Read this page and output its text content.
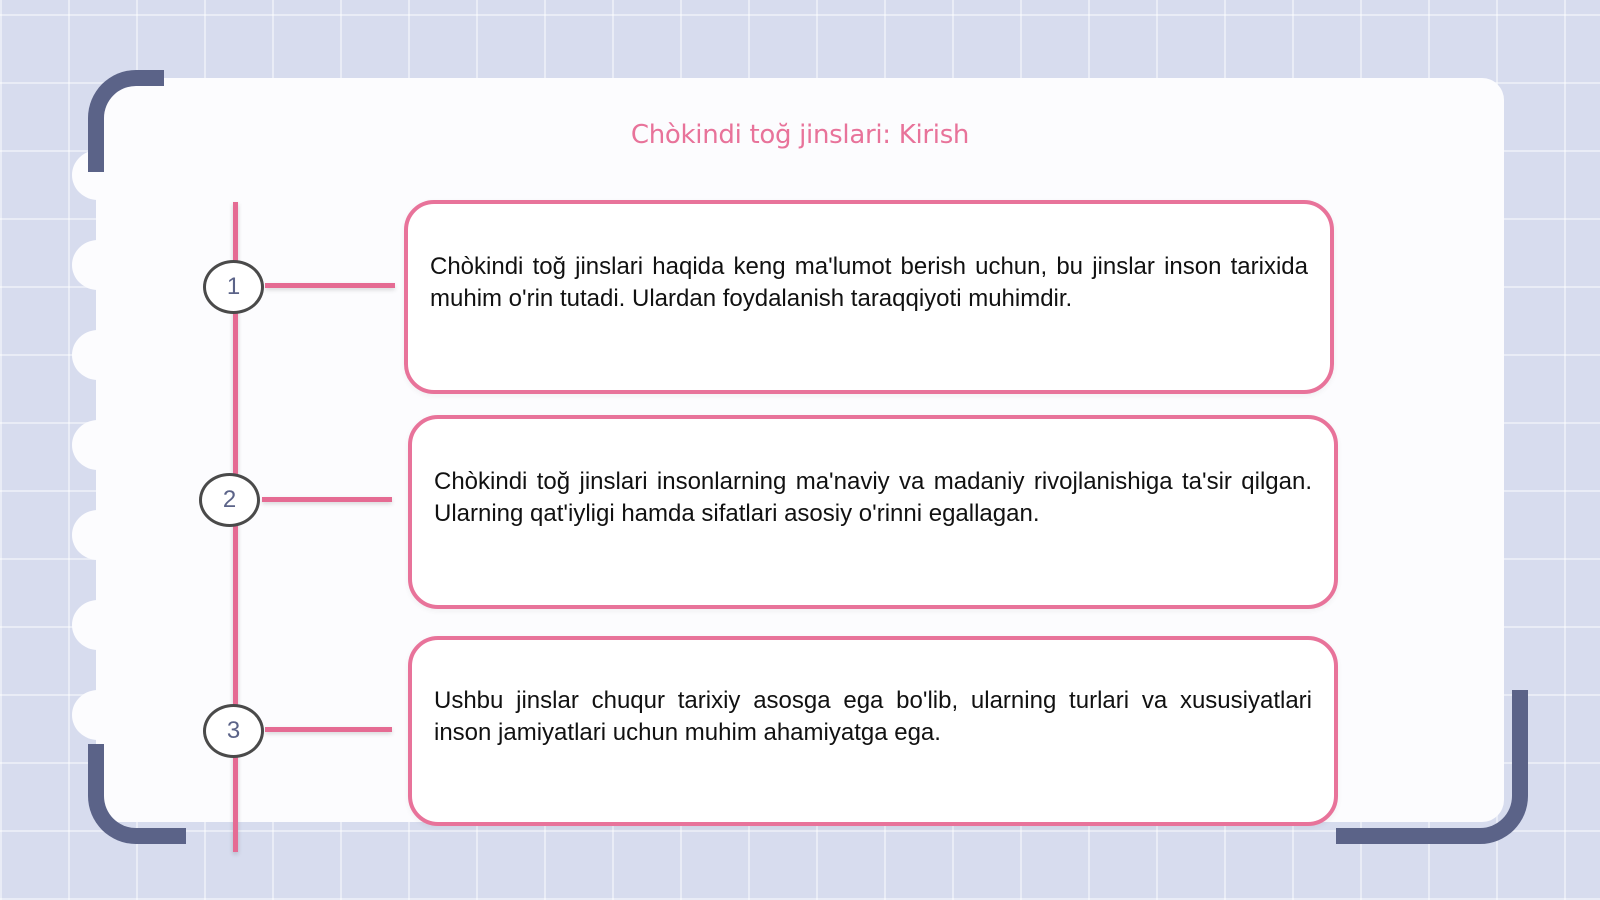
Chòkindi toğ jinslari: Kirish
1

Chòkindi toğ jinslari haqida keng ma'lumot berish uchun, bu jinslar inson tarixida muhim o'rin tutadi. Ulardan foydalanish taraqqiyoti muhimdir.

2

Chòkindi toğ jinslari insonlarning ma'naviy va madaniy rivojlanishiga ta'sir qilgan. Ularning qat'iyligi hamda sifatlari asosiy o'rinni egallagan.

3

Ushbu jinslar chuqur tarixiy asosga ega bo'lib, ularning turlari va xususiyatlari inson jamiyatlari uchun muhim ahamiyatga ega.
